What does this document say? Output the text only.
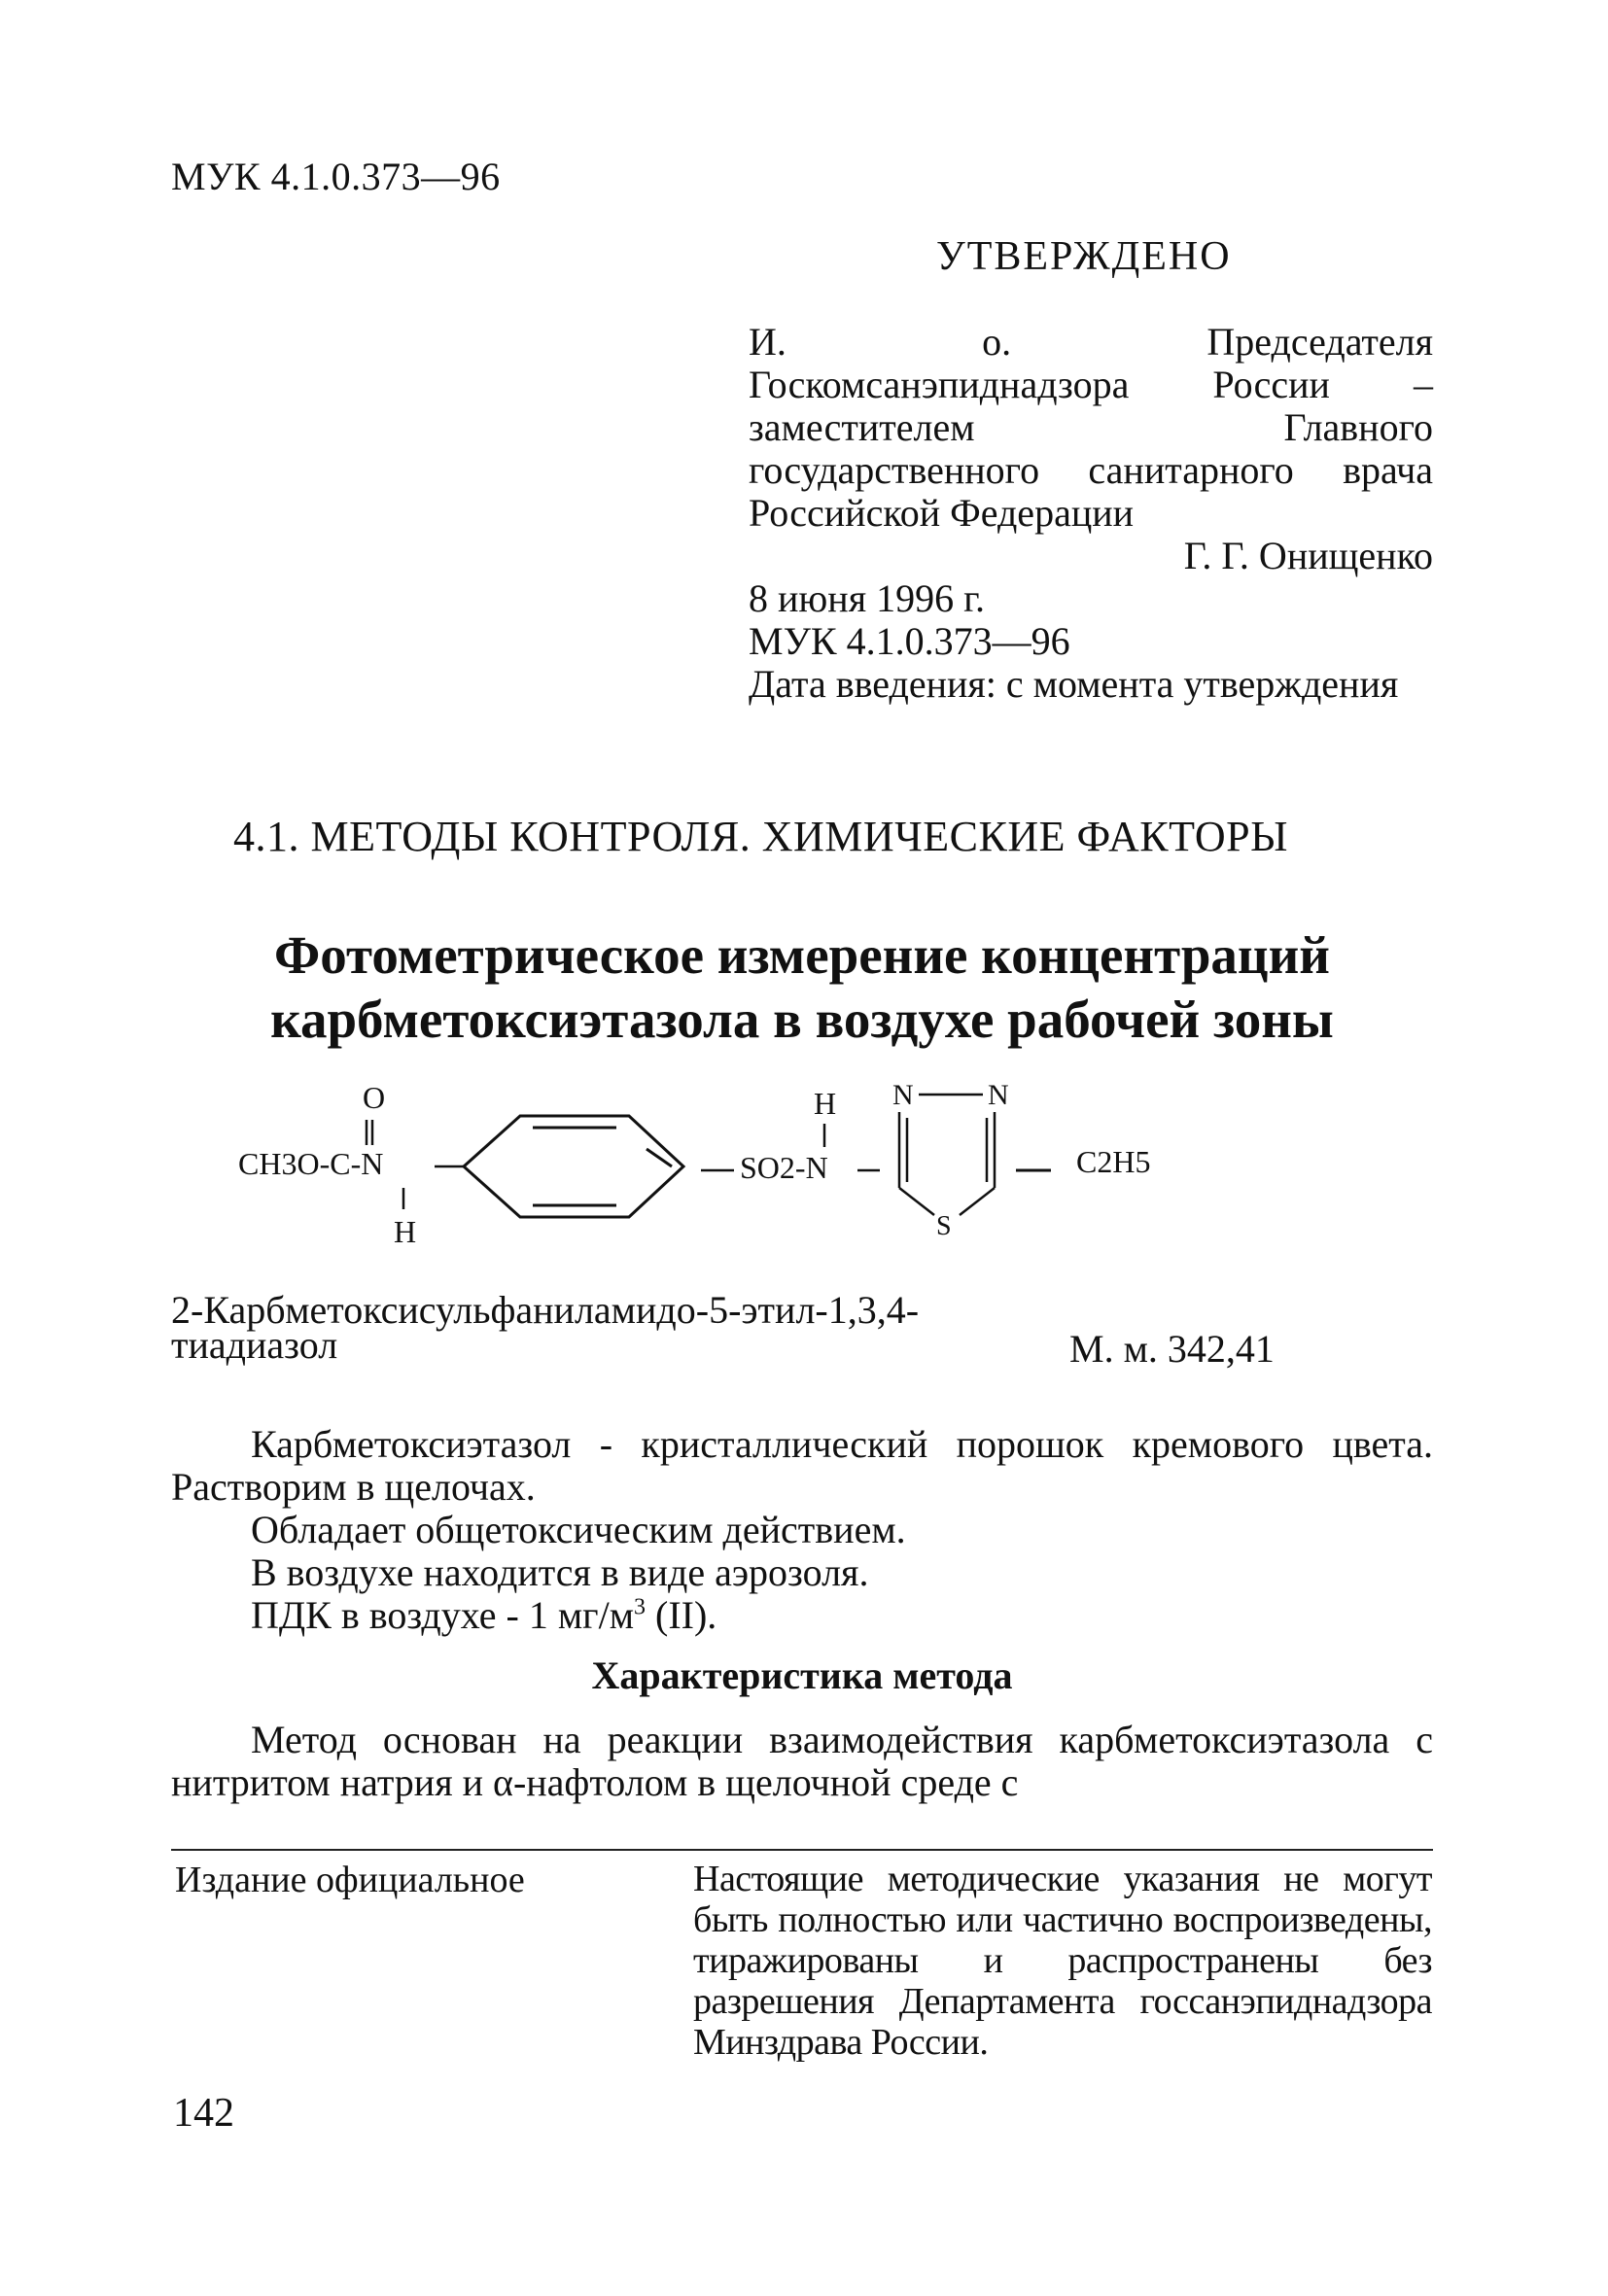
МУК 4.1.0.373—96

УТВЕРЖДЕНО

И. о. Председателя Госкомсанэпиднадзора России – заместителем Главного государственного санитарного врача Российской Федерации
Г. Г. Онищенко
8 июня 1996 г.
МУК 4.1.0.373—96
Дата введения: с момента утверждения

4.1. МЕТОДЫ КОНТРОЛЯ. ХИМИЧЕСКИЕ ФАКТОРЫ

Фотометрическое измерение концентраций
карбметоксиэтазола в воздухе рабочей зоны
O
CH3O-C-N
H
SO2-N
H N	N
S
C2H5
2-Карбметоксисульфаниламидо-5-этил-1,3,4-
тиадиазол	М. м. 342,41

Карбметоксиэтазол - кристаллический порошок кремового цвета. Растворим в щелочах.
Обладает общетоксическим действием.
В воздухе находится в виде аэрозоля.
ПДК в воздухе - 1 $мг/м^3$ (II).

Характеристика метода

Метод основан на реакции взаимодействия карбметоксиэтазола с нитритом натрия и α-нафтолом в щелочной среде с

Издание официальное	Настоящие методические указания не могут быть полностью или частично воспроизведены, тиражированы и распространены без разрешения Департамента госсанэпиднадзора Минздрава России.

142
